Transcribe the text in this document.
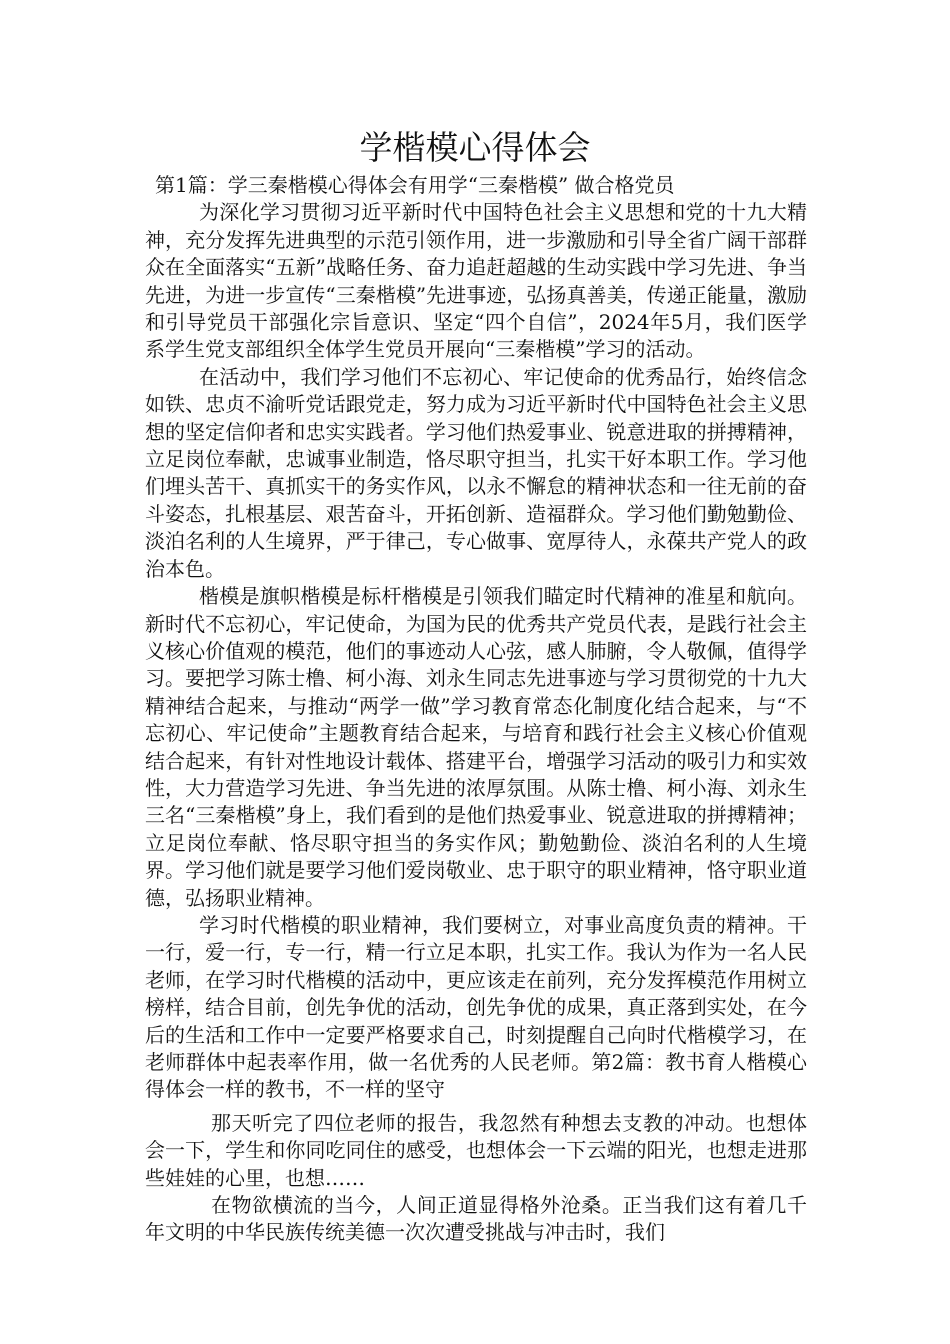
学楷模心得体会

第1篇：学三秦楷模心得体会有用学“三秦楷模” 做合格党员

为深化学习贯彻习近平新时代中国特色社会主义思想和党的十九大精神，充分发挥先进典型的示范引领作用，进一步激励和引导全省广阔干部群众在全面落实“五新”战略任务、奋力追赶超越的生动实践中学习先进、争当先进，为进一步宣传“三秦楷模”先进事迹，弘扬真善美，传递正能量，激励和引导党员干部强化宗旨意识、坚定“四个自信”，2024年5月，我们医学系学生党支部组织全体学生党员开展向“三秦楷模”学习的活动。

在活动中，我们学习他们不忘初心、牢记使命的优秀品行，始终信念如铁、忠贞不渝听党话跟党走，努力成为习近平新时代中国特色社会主义思想的坚定信仰者和忠实实践者。学习他们热爱事业、锐意进取的拼搏精神，立足岗位奉献，忠诚事业制造，恪尽职守担当，扎实干好本职工作。学习他们埋头苦干、真抓实干的务实作风，以永不懈怠的精神状态和一往无前的奋斗姿态，扎根基层、艰苦奋斗，开拓创新、造福群众。学习他们勤勉勤俭、淡泊名利的人生境界，严于律己，专心做事、宽厚待人，永葆共产党人的政治本色。

楷模是旗帜楷模是标杆楷模是引领我们瞄定时代精神的准星和航向。新时代不忘初心，牢记使命，为国为民的优秀共产党员代表，是践行社会主义核心价值观的模范，他们的事迹动人心弦，感人肺腑，令人敬佩，值得学习。要把学习陈士橹、柯小海、刘永生同志先进事迹与学习贯彻党的十九大精神结合起来，与推动“两学一做”学习教育常态化制度化结合起来，与“不忘初心、牢记使命”主题教育结合起来，与培育和践行社会主义核心价值观结合起来，有针对性地设计载体、搭建平台，增强学习活动的吸引力和实效性，大力营造学习先进、争当先进的浓厚氛围。从陈士橹、柯小海、刘永生三名“三秦楷模”身上，我们看到的是他们热爱事业、锐意进取的拼搏精神；立足岗位奉献、恪尽职守担当的务实作风；勤勉勤俭、淡泊名利的人生境界。学习他们就是要学习他们爱岗敬业、忠于职守的职业精神，恪守职业道德，弘扬职业精神。

学习时代楷模的职业精神，我们要树立，对事业高度负责的精神。干一行，爱一行，专一行，精一行立足本职，扎实工作。我认为作为一名人民老师，在学习时代楷模的活动中，更应该走在前列，充分发挥模范作用树立榜样，结合目前，创先争优的活动，创先争优的成果，真正落到实处，在今后的生活和工作中一定要严格要求自己，时刻提醒自己向时代楷模学习，在老师群体中起表率作用，做一名优秀的人民老师。第2篇：教书育人楷模心得体会一样的教书，不一样的坚守

那天听完了四位老师的报告，我忽然有种想去支教的冲动。也想体会一下，学生和你同吃同住的感受，也想体会一下云端的阳光，也想走进那些娃娃的心里，也想……

在物欲横流的当今，人间正道显得格外沧桑。正当我们这有着几千年文明的中华民族传统美德一次次遭受挑战与冲击时，我们
